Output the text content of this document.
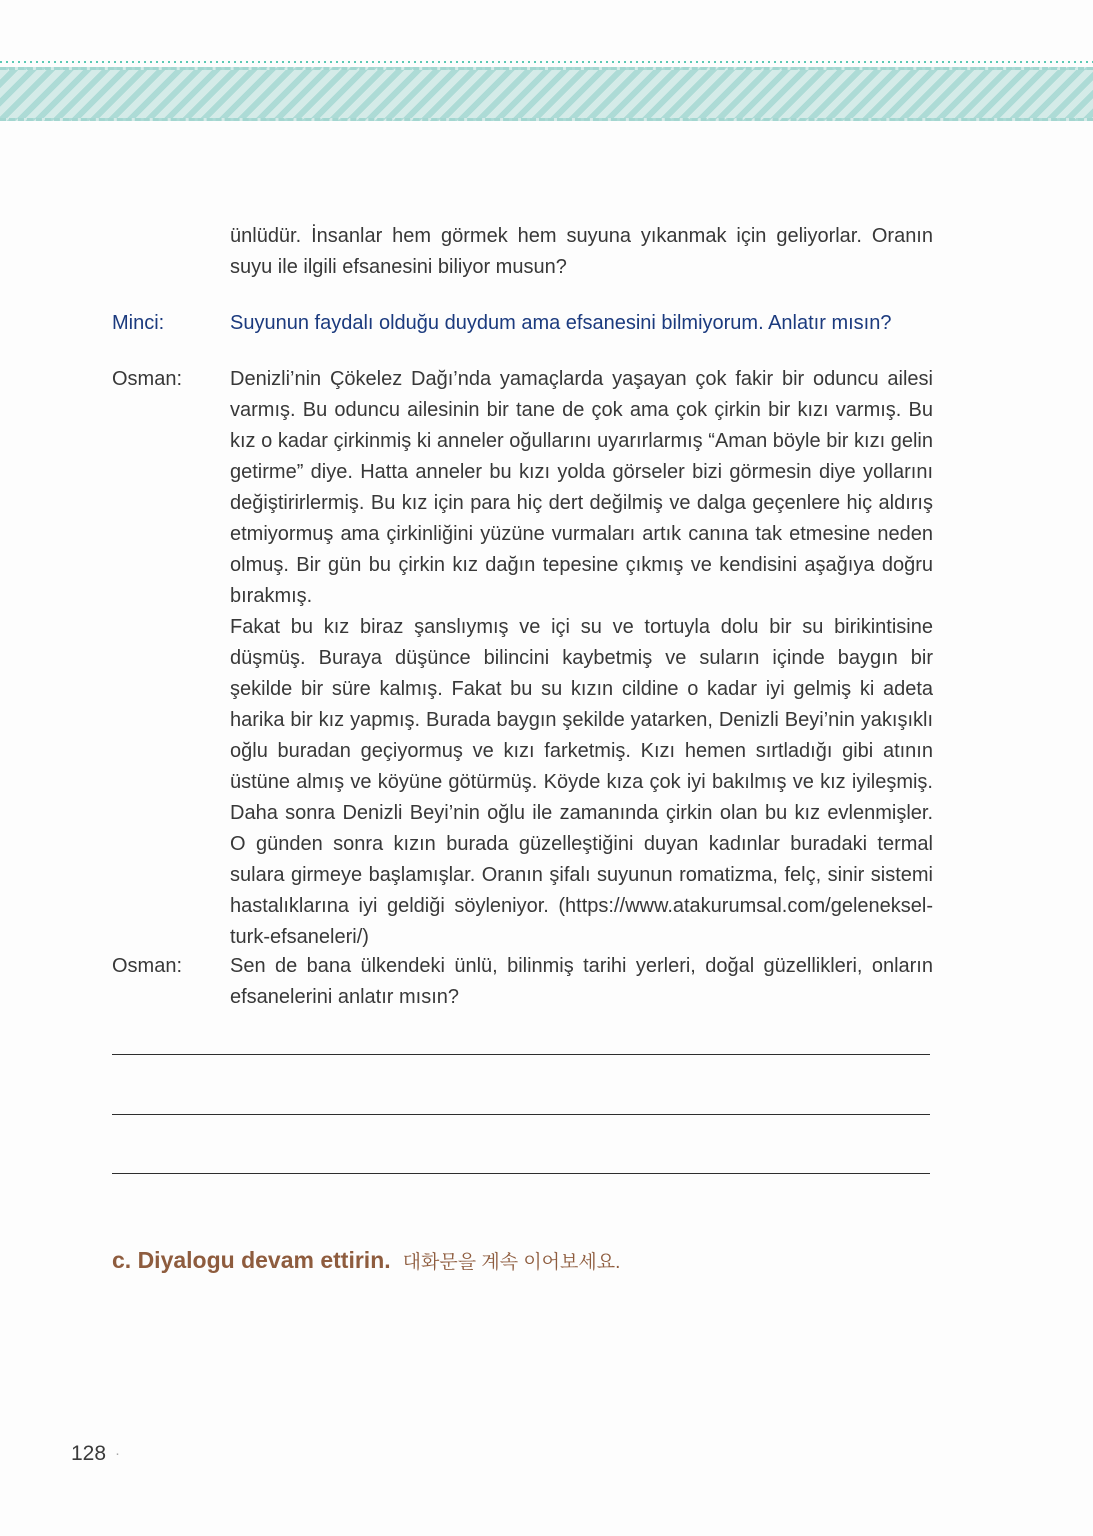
ünlüdür. İnsanlar hem görmek hem suyuna yıkanmak için geliyorlar. Oranın suyu ile ilgili efsanesini biliyor musun?
Minci:	Suyunun faydalı olduğu duydum ama efsanesini bilmiyorum. Anlatır mısın?
Osman:	Denizli’nin Çökelez Dağı’nda yamaçlarda yaşayan çok fakir bir oduncu ailesi varmış. Bu oduncu ailesinin bir tane de çok ama çok çirkin bir kızı varmış. Bu kız o kadar çirkinmiş ki anneler oğullarını uyarırlarmış “Aman böyle bir kızı gelin getirme” diye. Hatta anneler bu kızı yolda görseler bizi görmesin diye yollarını değiştirirlermiş. Bu kız için para hiç dert değilmiş ve dalga geçenlere hiç aldırış etmiyormuş ama çirkinliğini yüzüne vurmaları artık canına tak etmesine neden olmuş. Bir gün bu çirkin kız dağın tepesine çıkmış ve kendisini aşağıya doğru bırakmış.

Fakat bu kız biraz şanslıymış ve içi su ve tortuyla dolu bir su birikintisine düşmüş. Buraya düşünce bilincini kaybetmiş ve suların içinde baygın bir şekilde bir süre kalmış. Fakat bu su kızın cildine o kadar iyi gelmiş ki adeta harika bir kız yapmış. Burada baygın şekilde yatarken, Denizli Beyi’nin yakışıklı oğlu buradan geçiyormuş ve kızı farketmiş. Kızı hemen sırtladığı gibi atının üstüne almış ve köyüne götürmüş. Köyde kıza çok iyi bakılmış ve kız iyileşmiş. Daha sonra Denizli Beyi’nin oğlu ile zamanında çirkin olan bu kız evlenmişler. O günden sonra kızın burada güzelleştiğini duyan kadınlar buradaki termal sulara girmeye başlamışlar. Oranın şifalı suyunun romatizma, felç, sinir sistemi hastalıklarına iyi geldiği söyleniyor. (https://www.atakurumsal.com/geleneksel-turk-efsaneleri/)

Osman:	Sen de bana ülkendeki ünlü, bilinmiş tarihi yerleri, doğal güzellikleri, onların efsanelerini anlatır mısın?
c. Diyalogu devam ettirin. 대화문을 계속 이어보세요.
128 ·
